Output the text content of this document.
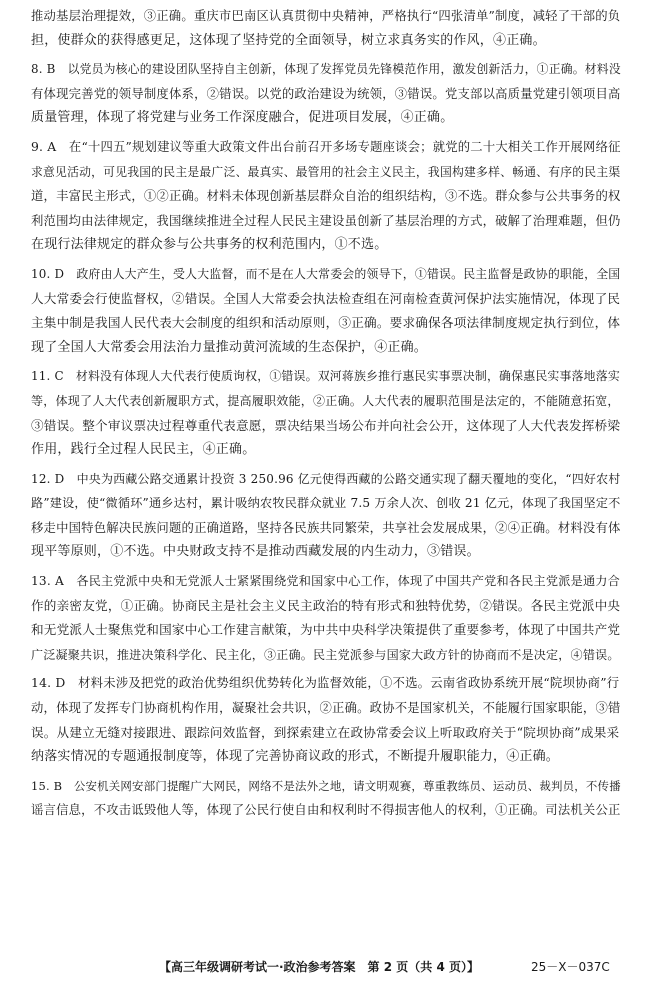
推动基层治理提效，③正确。重庆市巴南区认真贯彻中央精神，严格执行“四张清单”制度，减轻了干部的负
担，使群众的获得感更足，这体现了坚持党的全面领导，树立求真务实的作风，④正确。
8. B　以党员为核心的建设团队坚持自主创新，体现了发挥党员先锋模范作用，激发创新活力，①正确。材料没
有体现完善党的领导制度体系，②错误。以党的政治建设为统领，③错误。党支部以高质量党建引领项目高
质量管理，体现了将党建与业务工作深度融合，促进项目发展，④正确。
9. A　在“十四五”规划建议等重大政策文件出台前召开多场专题座谈会；就党的二十大相关工作开展网络征
求意见活动，可见我国的民主是最广泛、最真实、最管用的社会主义民主，我国构建多样、畅通、有序的民主渠
道，丰富民主形式，①②正确。材料未体现创新基层群众自治的组织结构，③不选。群众参与公共事务的权
利范围均由法律规定，我国继续推进全过程人民民主建设虽创新了基层治理的方式，破解了治理难题，但仍
在现行法律规定的群众参与公共事务的权利范围内，①不选。
10. D　政府由人大产生，受人大监督，而不是在人大常委会的领导下，①错误。民主监督是政协的职能，全国
人大常委会行使监督权，②错误。全国人大常委会执法检查组在河南检查黄河保护法实施情况，体现了民
主集中制是我国人民代表大会制度的组织和活动原则，③正确。要求确保各项法律制度规定执行到位，体
现了全国人大常委会用法治力量推动黄河流域的生态保护，④正确。
11. C　材料没有体现人大代表行使质询权，①错误。双河蒋族乡推行惠民实事票决制，确保惠民实事落地落实
等，体现了人大代表创新履职方式，提高履职效能，②正确。人大代表的履职范围是法定的，不能随意拓宽，
③错误。整个审议票决过程尊重代表意愿，票决结果当场公布并向社会公开，这体现了人大代表发挥桥梁
作用，践行全过程人民民主，④正确。
12. D　中央为西藏公路交通累计投资 3 250.96 亿元使得西藏的公路交通实现了翻天覆地的变化，“四好农村
路”建设，使“微循环”通乡达村，累计吸纳农牧民群众就业 7.5 万余人次、创收 21 亿元，体现了我国坚定不
移走中国特色解决民族问题的正确道路，坚持各民族共同繁荣，共享社会发展成果，②④正确。材料没有体
现平等原则，①不选。中央财政支持不是推动西藏发展的内生动力，③错误。
13. A　各民主党派中央和无党派人士紧紧围绕党和国家中心工作，体现了中国共产党和各民主党派是通力合
作的亲密友党，①正确。协商民主是社会主义民主政治的特有形式和独特优势，②错误。各民主党派中央
和无党派人士聚焦党和国家中心工作建言献策，为中共中央科学决策提供了重要参考，体现了中国共产党
广泛凝聚共识，推进决策科学化、民主化，③正确。民主党派参与国家大政方针的协商而不是决定，④错误。
14. D　材料未涉及把党的政治优势组织优势转化为监督效能，①不选。云南省政协系统开展“院坝协商”行
动，体现了发挥专门协商机构作用，凝聚社会共识，②正确。政协不是国家机关，不能履行国家职能，③错
误。从建立无缝对接跟进、跟踪问效监督，到探索建立在政协常委会议上听取政府关于“院坝协商”成果采
纳落实情况的专题通报制度等，体现了完善协商议政的形式，不断提升履职能力，④正确。
15. B　公安机关网安部门提醒广大网民，网络不是法外之地，请文明观赛，尊重教练员、运动员、裁判员，不传播
谣言信息，不攻击诋毁他人等，体现了公民行使自由和权利时不得损害他人的权利，①正确。司法机关公正
【高三年级调研考试一·政治参考答案　第 2 页（共 4 页）】	25－X－037C
